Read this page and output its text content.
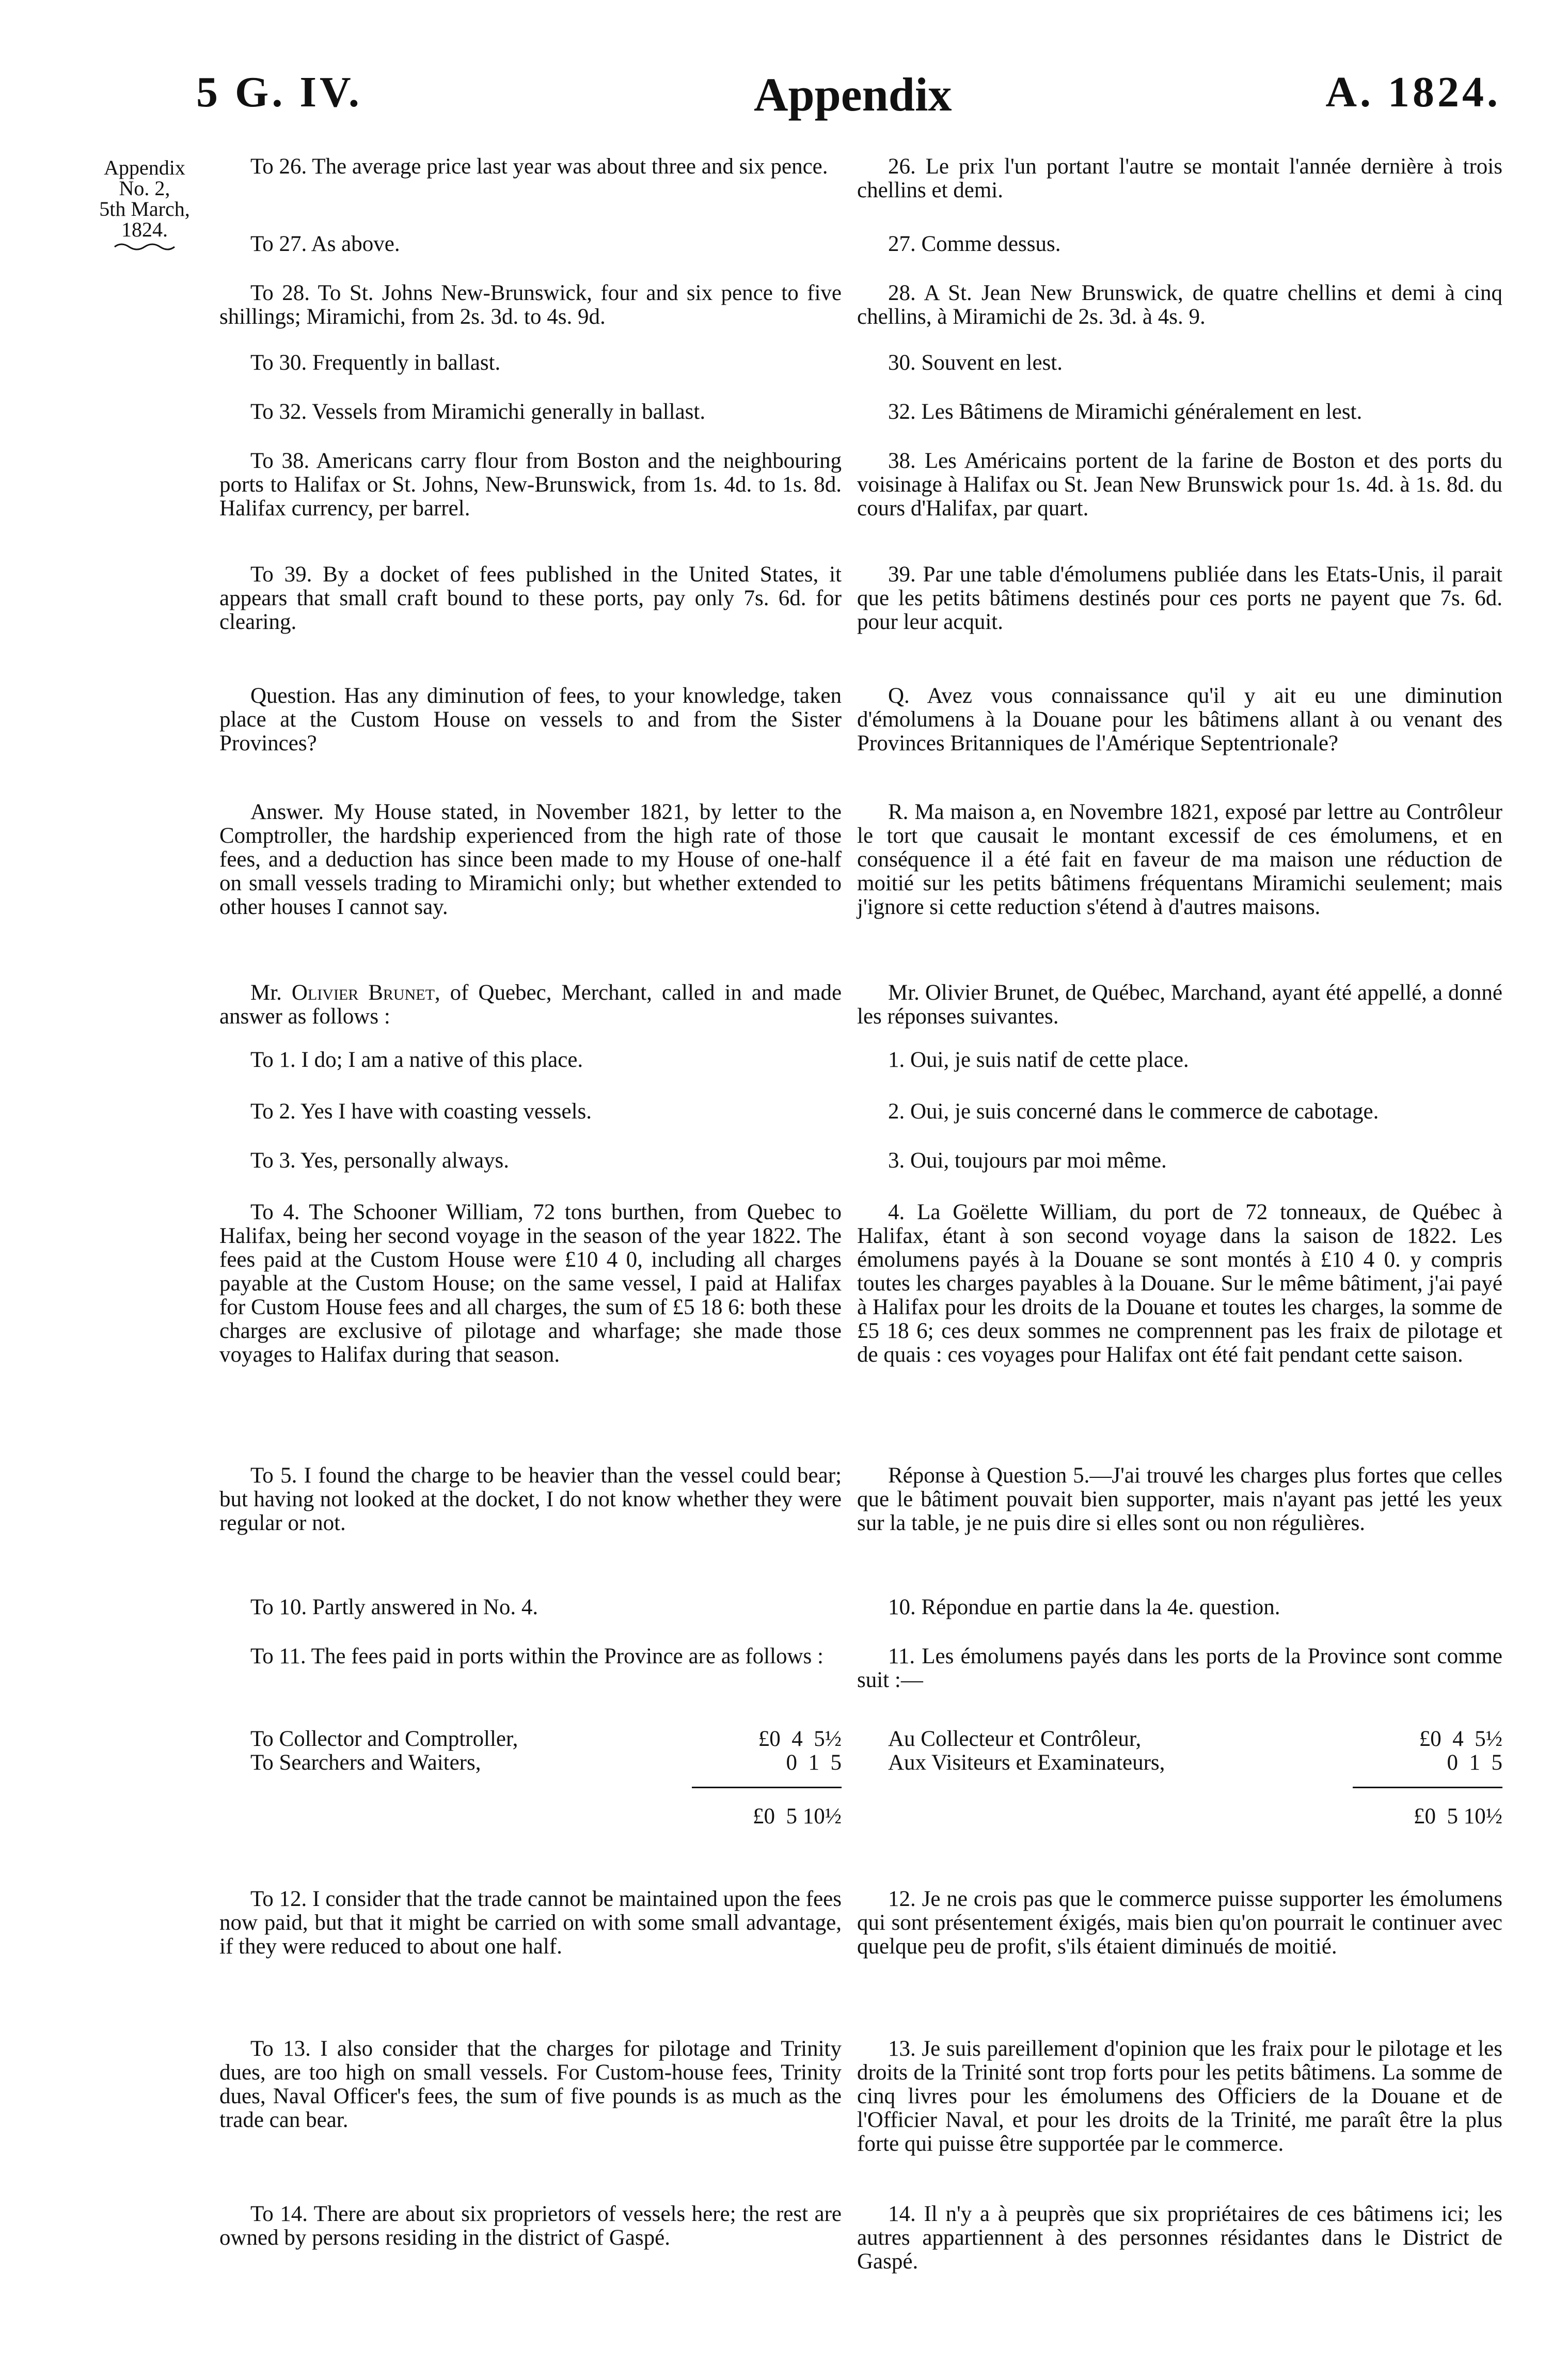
5 G. IV.	Appendix	A. 1824.
Appendix
No. 2,
5th March,
1824.

To 26. The average price last year was about three and six pence.

To 27. As above.

To 28. To St. Johns New-Brunswick, four and six pence to five shillings; Miramichi, from 2s. 3d. to 4s. 9d.

To 30. Frequently in ballast.

To 32. Vessels from Miramichi generally in ballast.

To 38. Americans carry flour from Boston and the neighbouring ports to Halifax or St. Johns, New-Brunswick, from 1s. 4d. to 1s. 8d. Halifax currency, per barrel.

To 39. By a docket of fees published in the United States, it appears that small craft bound to these ports, pay only 7s. 6d. for clearing.

Question. Has any diminution of fees, to your knowledge, taken place at the Custom House on vessels to and from the Sister Provinces?

Answer. My House stated, in November 1821, by letter to the Comptroller, the hardship experienced from the high rate of those fees, and a deduction has since been made to my House of one-half on small vessels trading to Miramichi only; but whether extended to other houses I cannot say.

Mr. Olivier Brunet, of Quebec, Merchant, called in and made answer as follows :

To 1. I do; I am a native of this place.

To 2. Yes I have with coasting vessels.

To 3. Yes, personally always.

To 4. The Schooner William, 72 tons burthen, from Quebec to Halifax, being her second voyage in the season of the year 1822. The fees paid at the Custom House were £10 4 0, including all charges payable at the Custom House; on the same vessel, I paid at Halifax for Custom House fees and all charges, the sum of £5 18 6: both these charges are exclusive of pilotage and wharfage; she made those voyages to Halifax during that season.

To 5. I found the charge to be heavier than the vessel could bear; but having not looked at the docket, I do not know whether they were regular or not.

To 10. Partly answered in No. 4.

To 11. The fees paid in ports within the Province are as follows :

To Collector and Comptroller,	£0  4  5½
To Searchers and Waiters,	0  1  5
£0  5 10½

To 12. I consider that the trade cannot be maintained upon the fees now paid, but that it might be carried on with some small advantage, if they were reduced to about one half.

To 13. I also consider that the charges for pilotage and Trinity dues, are too high on small vessels. For Custom-house fees, Trinity dues, Naval Officer's fees, the sum of five pounds is as much as the trade can bear.

To 14. There are about six proprietors of vessels here; the rest are owned by persons residing in the district of Gaspé.

26. Le prix l'un portant l'autre se montait l'année dernière à trois chellins et demi.

27. Comme dessus.

28. A St. Jean New Brunswick, de quatre chellins et demi à cinq chellins, à Miramichi de 2s. 3d. à 4s. 9.

30. Souvent en lest.

32. Les Bâtimens de Miramichi généralement en lest.

38. Les Américains portent de la farine de Boston et des ports du voisinage à Halifax ou St. Jean New Brunswick pour 1s. 4d. à 1s. 8d. du cours d'Halifax, par quart.

39. Par une table d'émolumens publiée dans les Etats-Unis, il parait que les petits bâtimens destinés pour ces ports ne payent que 7s. 6d. pour leur acquit.

Q. Avez vous connaissance qu'il y ait eu une diminution d'émolumens à la Douane pour les bâtimens allant à ou venant des Provinces Britanniques de l'Amérique Septentrionale?

R. Ma maison a, en Novembre 1821, exposé par lettre au Contrôleur le tort que causait le montant excessif de ces émolumens, et en conséquence il a été fait en faveur de ma maison une réduction de moitié sur les petits bâtimens fréquentans Miramichi seulement; mais j'ignore si cette reduction s'étend à d'autres maisons.

Mr. Olivier Brunet, de Québec, Marchand, ayant été appellé, a donné les réponses suivantes.

1. Oui, je suis natif de cette place.

2. Oui, je suis concerné dans le commerce de cabotage.

3. Oui, toujours par moi même.

4. La Goëlette William, du port de 72 tonneaux, de Québec à Halifax, étant à son second voyage dans la saison de 1822. Les émolumens payés à la Douane se sont montés à £10 4 0. y compris toutes les charges payables à la Douane. Sur le même bâtiment, j'ai payé à Halifax pour les droits de la Douane et toutes les charges, la somme de £5 18 6; ces deux sommes ne comprennent pas les fraix de pilotage et de quais : ces voyages pour Halifax ont été fait pendant cette saison.

Réponse à Question 5.—J'ai trouvé les charges plus fortes que celles que le bâtiment pouvait bien supporter, mais n'ayant pas jetté les yeux sur la table, je ne puis dire si elles sont ou non régulières.

10. Répondue en partie dans la 4e. question.

11. Les émolumens payés dans les ports de la Province sont comme suit :—

Au Collecteur et Contrôleur,	£0  4  5½
Aux Visiteurs et Examinateurs,	0  1  5
£0  5 10½

12. Je ne crois pas que le commerce puisse supporter les émolumens qui sont présentement éxigés, mais bien qu'on pourrait le continuer avec quelque peu de profit, s'ils étaient diminués de moitié.

13. Je suis pareillement d'opinion que les fraix pour le pilotage et les droits de la Trinité sont trop forts pour les petits bâtimens. La somme de cinq livres pour les émolumens des Officiers de la Douane et de l'Officier Naval, et pour les droits de la Trinité, me paraît être la plus forte qui puisse être supportée par le commerce.

14. Il n'y a à peuprès que six propriétaires de ces bâtimens ici; les autres appartiennent à des personnes résidantes dans le District de Gaspé.
